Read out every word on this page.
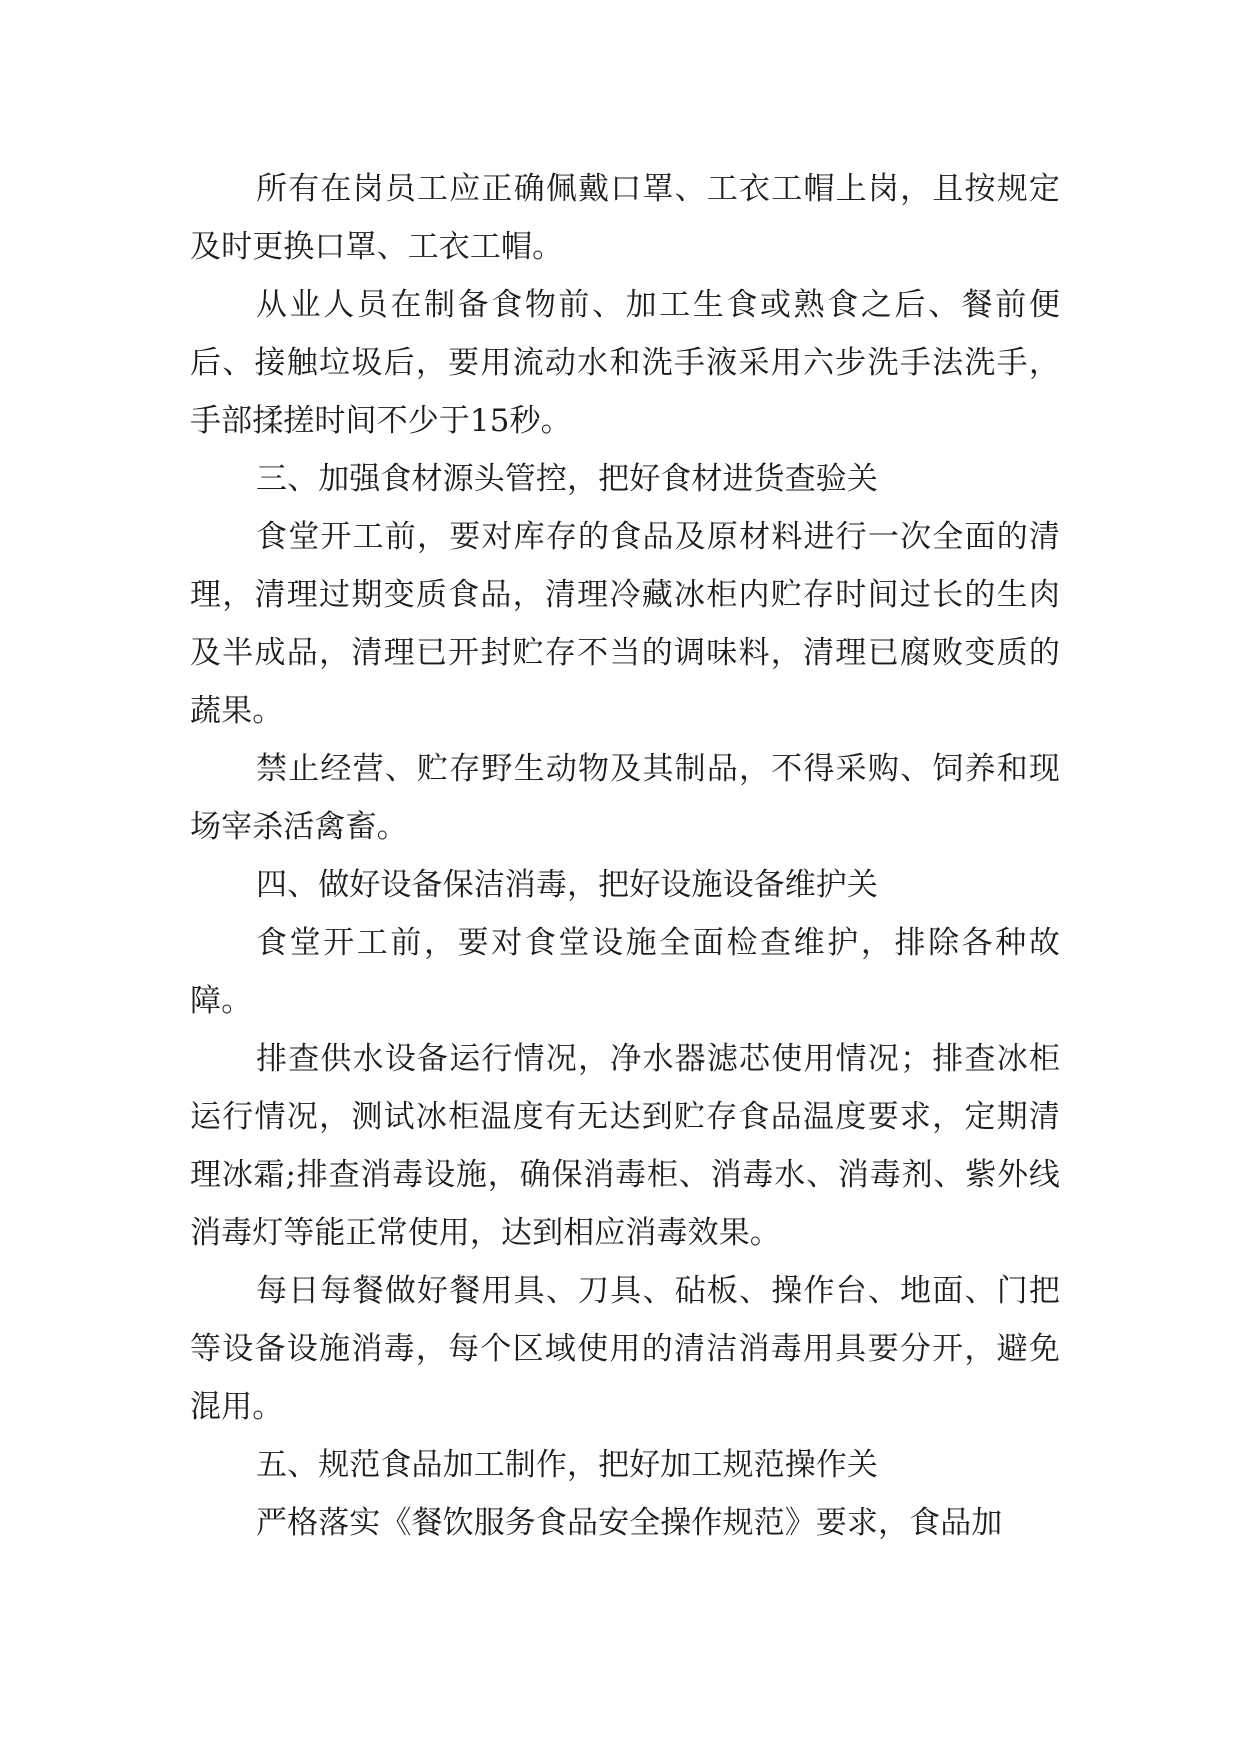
所有在岗员工应正确佩戴口罩、工衣工帽上岗，且按规定及时更换口罩、工衣工帽。

从业人员在制备食物前、加工生食或熟食之后、餐前便后、接触垃圾后，要用流动水和洗手液采用六步洗手法洗手，手部揉搓时间不少于15秒。

三、加强食材源头管控，把好食材进货查验关

食堂开工前，要对库存的食品及原材料进行一次全面的清理，清理过期变质食品，清理冷藏冰柜内贮存时间过长的生肉及半成品，清理已开封贮存不当的调味料，清理已腐败变质的蔬果。

禁止经营、贮存野生动物及其制品，不得采购、饲养和现场宰杀活禽畜。

四、做好设备保洁消毒，把好设施设备维护关

食堂开工前，要对食堂设施全面检查维护，排除各种故障。

排查供水设备运行情况，净水器滤芯使用情况；排查冰柜运行情况，测试冰柜温度有无达到贮存食品温度要求，定期清理冰霜;排查消毒设施，确保消毒柜、消毒水、消毒剂、紫外线消毒灯等能正常使用，达到相应消毒效果。

每日每餐做好餐用具、刀具、砧板、操作台、地面、门把等设备设施消毒，每个区域使用的清洁消毒用具要分开，避免混用。

五、规范食品加工制作，把好加工规范操作关

严格落实《餐饮服务食品安全操作规范》要求，食品加
